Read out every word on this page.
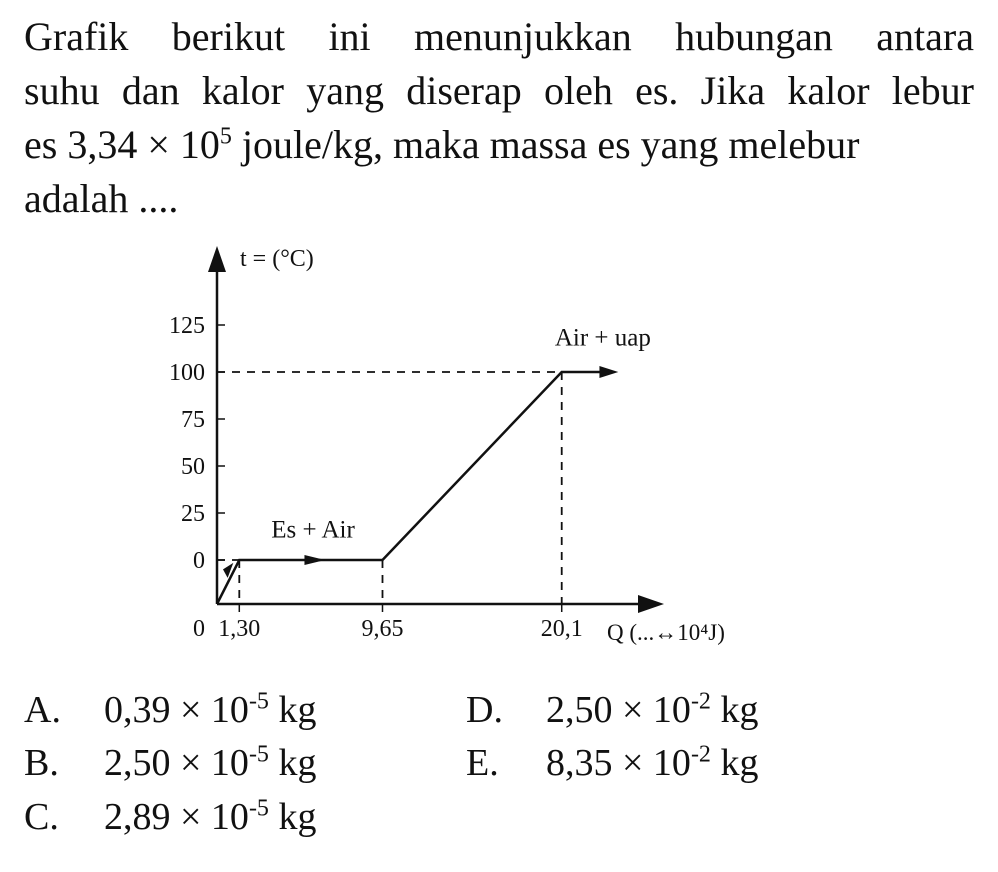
Grafik berikut ini menunjukkan hubungan antara
suhu dan kalor yang diserap oleh es. Jika kalor lebur
es $3,34 \times 10^5$ joule/kg, maka massa es yang melebur
adalah ....
125
100
75
50
25
0
0 1,30	9,65	20,1
Es + Air
Air + uap
t = (°C)
Q (...↔10⁴J)
A. $0,39 \times 10^{-5}$ kg
B. $2,50 \times 10^{-5}$ kg
C. $2,89 \times 10^{-5}$ kg
D. $2,50 \times 10^{-2}$ kg
E. $8,35 \times 10^{-2}$ kg
